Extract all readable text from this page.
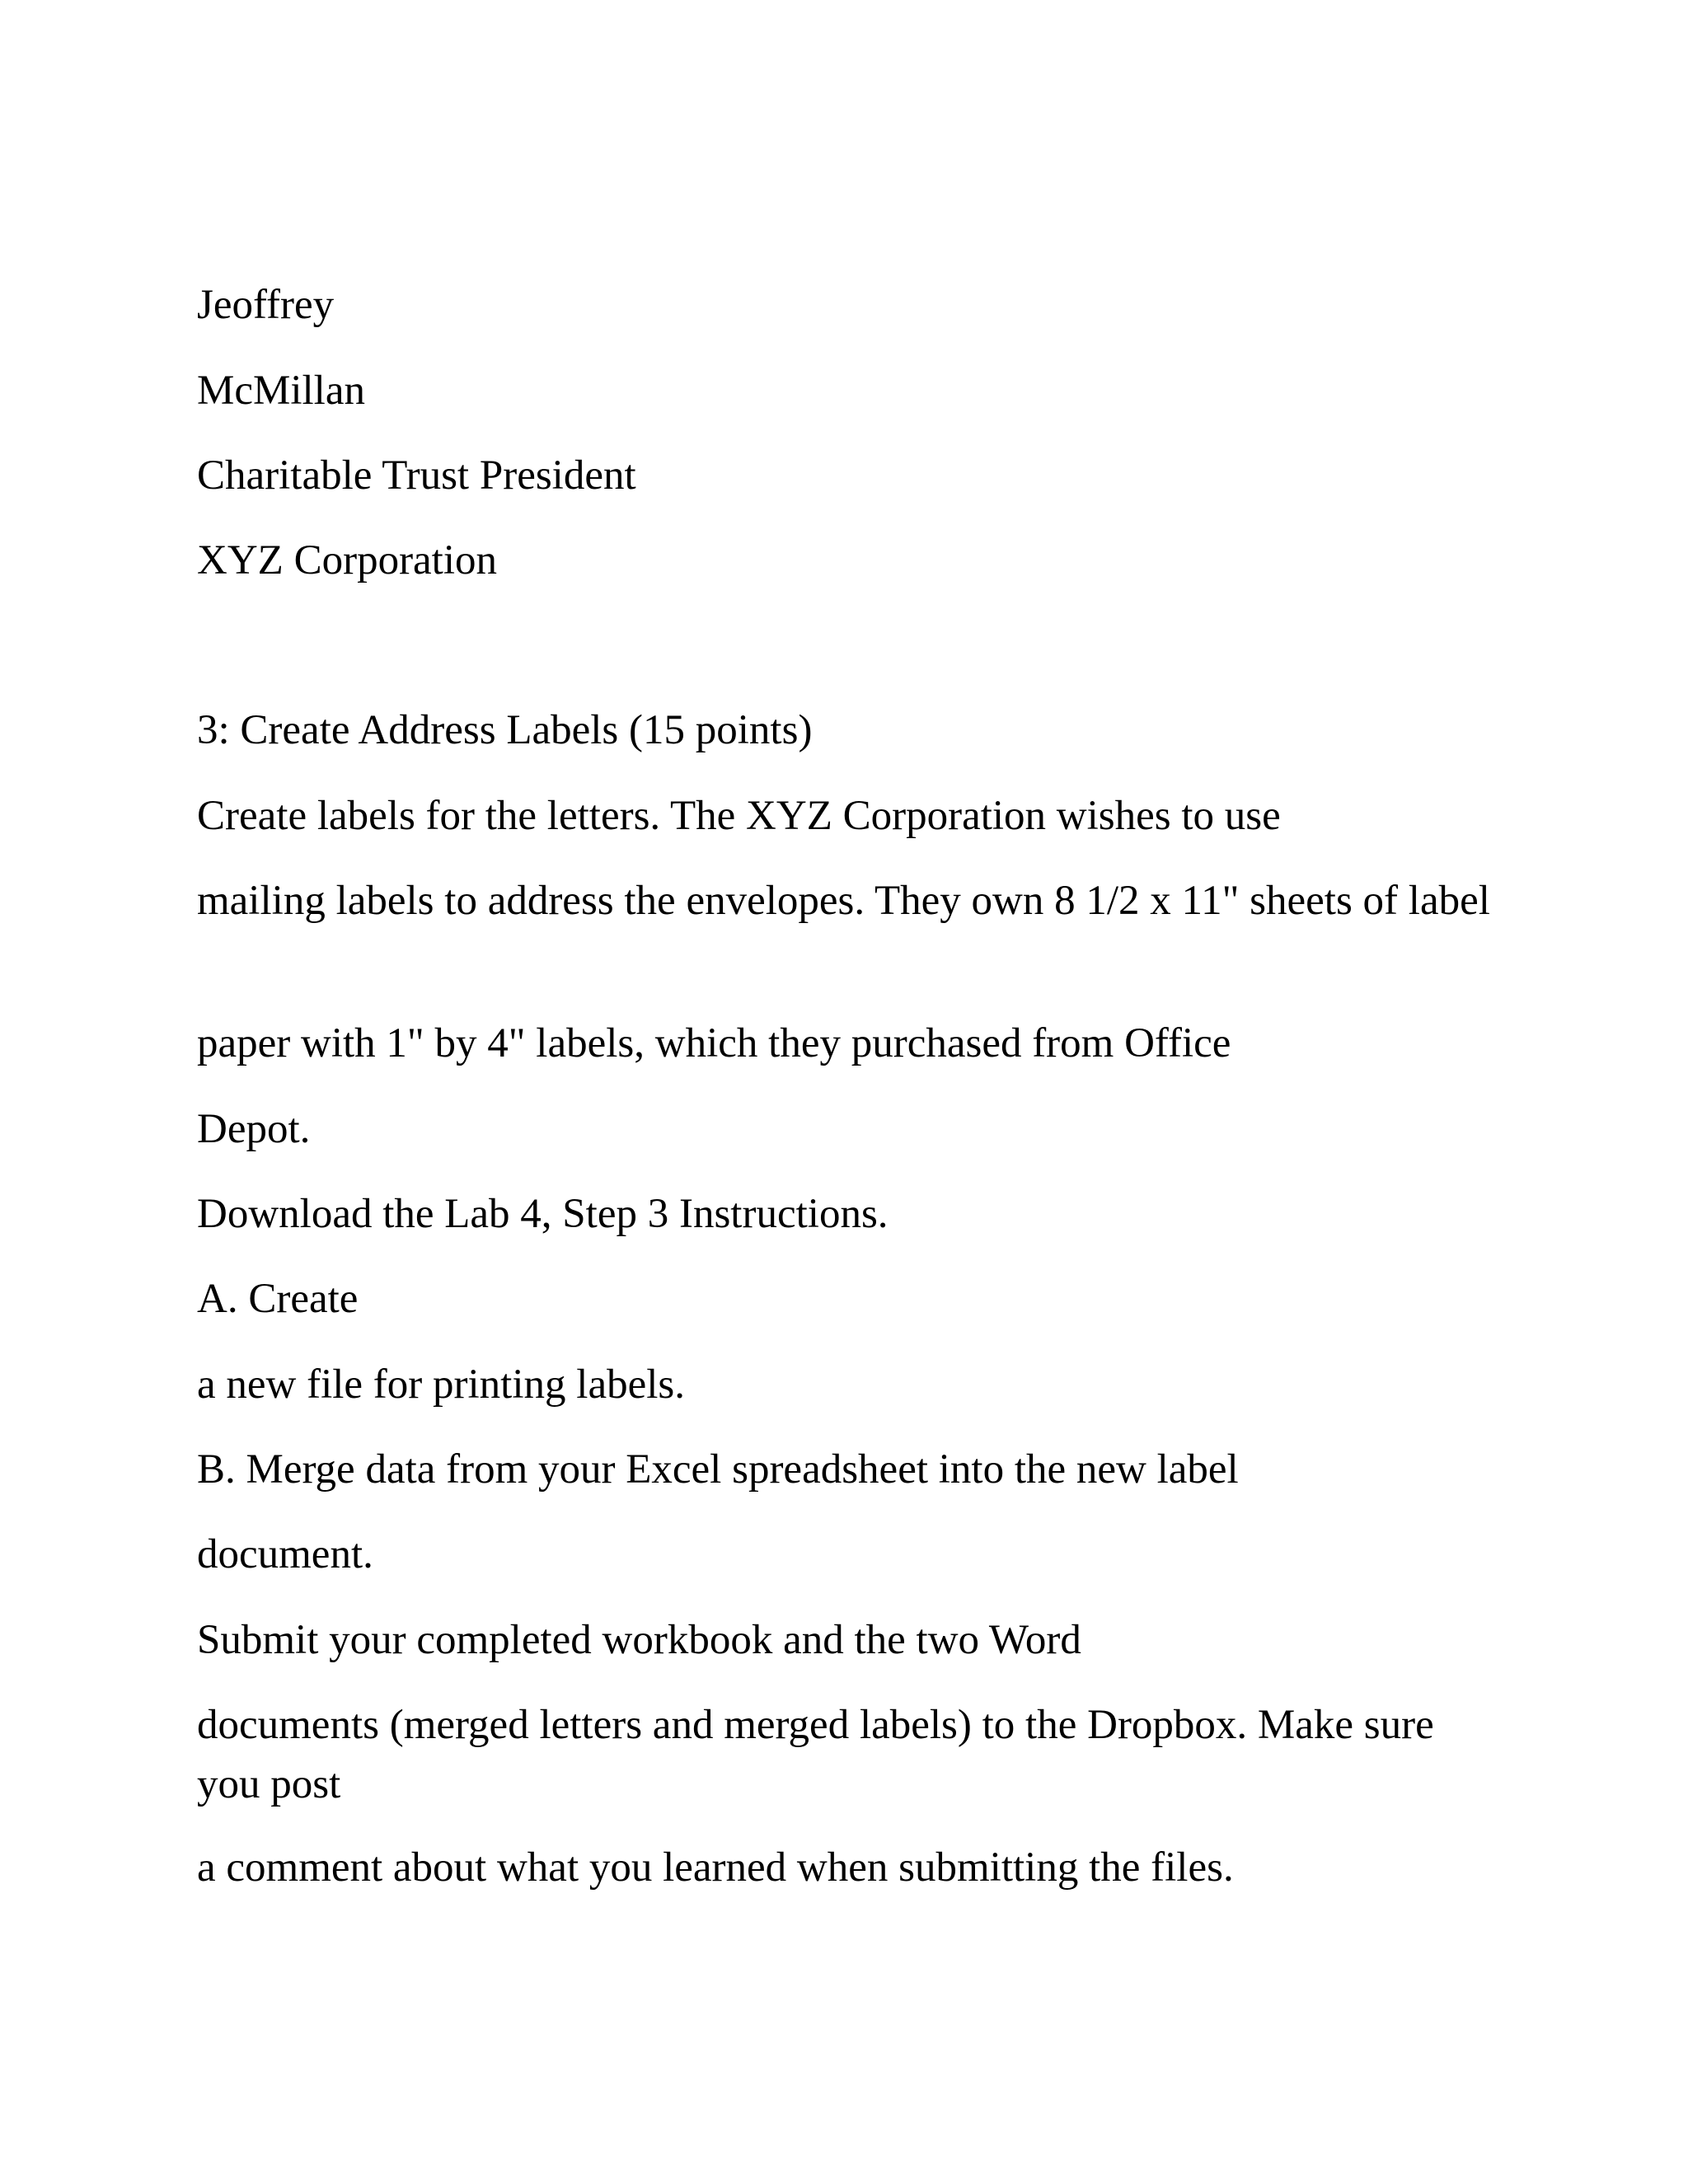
Jeoffrey
McMillan
Charitable Trust President
XYZ Corporation
3: Create Address Labels (15 points)
Create labels for the letters. The XYZ Corporation wishes to use
mailing labels to address the envelopes. They own 8 1/2 x 11" sheets of label
paper with 1" by 4" labels, which they purchased from Office
Depot.
Download the Lab 4, Step 3 Instructions.
A. Create
a new file for printing labels.
B. Merge data from your Excel spreadsheet into the new label
document.
Submit your completed workbook and the two Word
documents (merged letters and merged labels) to the Dropbox. Make sure you post
a comment about what you learned when submitting the files.
